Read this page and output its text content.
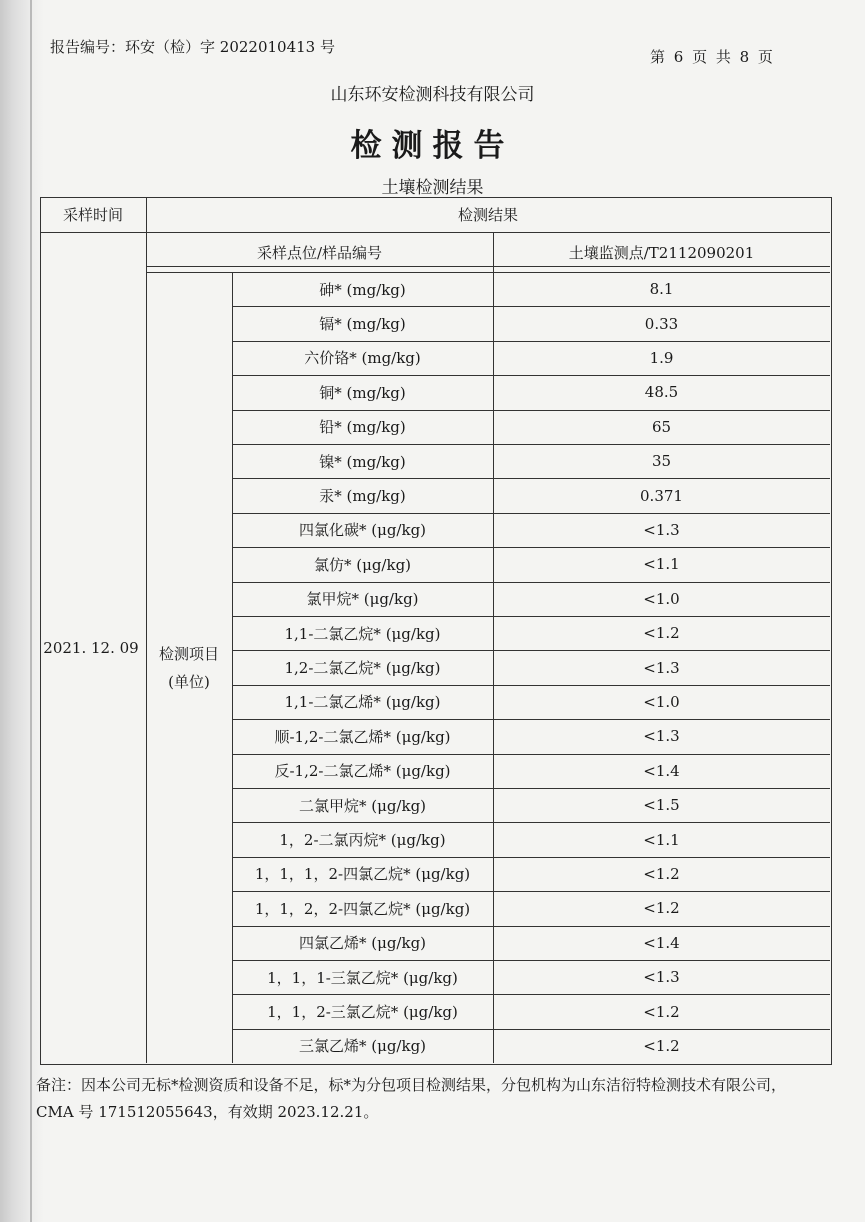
报告编号：环安（检）字 2022010413 号
第 6 页 共 8 页
山东环安检测科技有限公司
检测报告
土壤检测结果
采样时间	检测结果
采样点位/样品编号	土壤监测点/T2112090201
2021. 12. 09	检测项目
(单位)
砷* (mg/kg)	8.1
镉* (mg/kg)	0.33
六价铬* (mg/kg)	1.9
铜* (mg/kg)	48.5
铅* (mg/kg)	65
镍* (mg/kg)	35
汞* (mg/kg)	0.371
四氯化碳* (μg/kg)	<1.3
氯仿* (μg/kg)	<1.1
氯甲烷* (μg/kg)	<1.0
1,1-二氯乙烷* (μg/kg)	<1.2
1,2-二氯乙烷* (μg/kg)	<1.3
1,1-二氯乙烯* (μg/kg)	<1.0
顺-1,2-二氯乙烯* (μg/kg)	<1.3
反-1,2-二氯乙烯* (μg/kg)	<1.4
二氯甲烷* (μg/kg)	<1.5
1，2-二氯丙烷* (μg/kg)	<1.1
1，1，1，2-四氯乙烷* (μg/kg)	<1.2
1，1，2，2-四氯乙烷* (μg/kg)	<1.2
四氯乙烯* (μg/kg)	<1.4
1，1，1-三氯乙烷* (μg/kg)	<1.3
1，1，2-三氯乙烷* (μg/kg)	<1.2
三氯乙烯* (μg/kg)	<1.2
备注：因本公司无标*检测资质和设备不足，标*为分包项目检测结果，分包机构为山东洁衍特检测技术有限公司，CMA 号 171512055643，有效期 2023.12.21。
